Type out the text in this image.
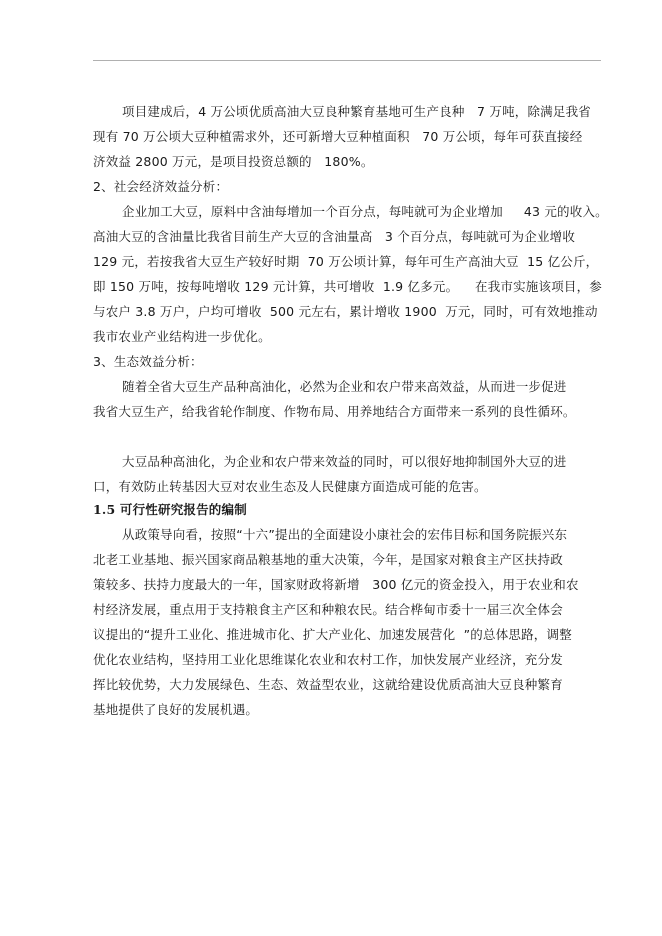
项目建成后，4 万公顷优质高油大豆良种繁育基地可生产良种   7 万吨，除满足我省
现有 70 万公顷大豆种植需求外，还可新增大豆种植面积   70 万公顷，每年可获直接经
济效益 2800 万元，是项目投资总额的   180%。
2、社会经济效益分析：
企业加工大豆，原料中含油每增加一个百分点，每吨就可为企业增加     43 元的收入。
高油大豆的含油量比我省目前生产大豆的含油量高   3 个百分点，每吨就可为企业增收
129 元，若按我省大豆生产较好时期  70 万公顷计算，每年可生产高油大豆  15 亿公斤，
即 150 万吨，按每吨增收 129 元计算，共可增收  1.9 亿多元。    在我市实施该项目，参
与农户 3.8 万户，户均可增收  500 元左右，累计增收 1900  万元，同时，可有效地推动
我市农业产业结构进一步优化。
3、生态效益分析：
随着全省大豆生产品种高油化，必然为企业和农户带来高效益，从而进一步促进
我省大豆生产，给我省轮作制度、作物布局、用养地结合方面带来一系列的良性循环。
大豆品种高油化，为企业和农户带来效益的同时，可以很好地抑制国外大豆的进
口，有效防止转基因大豆对农业生态及人民健康方面造成可能的危害。
1.5 可行性研究报告的编制
从政策导向看，按照“十六”提出的全面建设小康社会的宏伟目标和国务院振兴东
北老工业基地、振兴国家商品粮基地的重大决策，今年，是国家对粮食主产区扶持政
策较多、扶持力度最大的一年，国家财政将新增   300 亿元的资金投入，用于农业和农
村经济发展，重点用于支持粮食主产区和种粮农民。结合桦甸市委十一届三次全体会
议提出的“提升工业化、推进城市化、扩大产业化、加速发展营化  ”的总体思路，调整
优化农业结构，坚持用工业化思维谋化农业和农村工作，加快发展产业经济，充分发
挥比较优势，大力发展绿色、生态、效益型农业，这就给建设优质高油大豆良种繁育
基地提供了良好的发展机遇。
